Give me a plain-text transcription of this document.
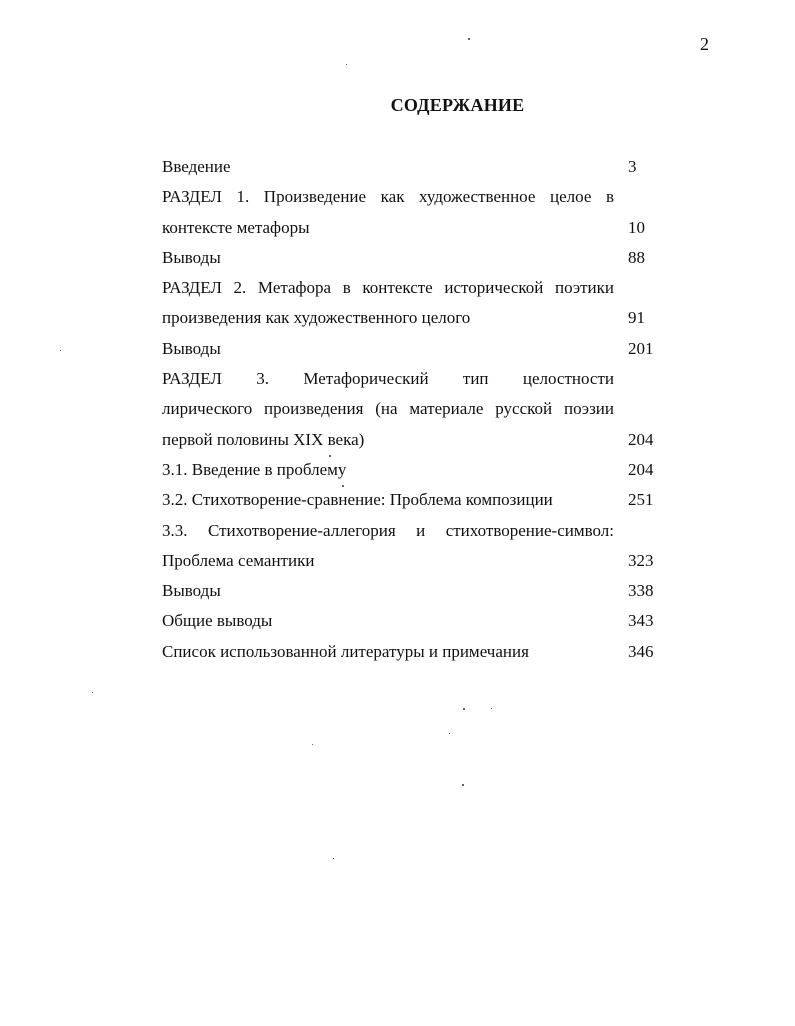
2
СОДЕРЖАНИЕ
Введение	3
РАЗДЕЛ 1. Произведение как художественное целое в
контексте метафоры	10
Выводы	88
РАЗДЕЛ 2. Метафора в контексте исторической поэтики
произведения как художественного целого	91
Выводы	201
РАЗДЕЛ 3. Метафорический тип целостности
лирического произведения (на материале русской поэзии
первой половины XIX века)	204
3.1. Введение в проблему	204
3.2. Стихотворение-сравнение: Проблема композиции	251
3.3. Стихотворение-аллегория и стихотворение-символ:
Проблема семантики	323
Выводы	338
Общие выводы	343
Список использованной литературы и примечания	346
